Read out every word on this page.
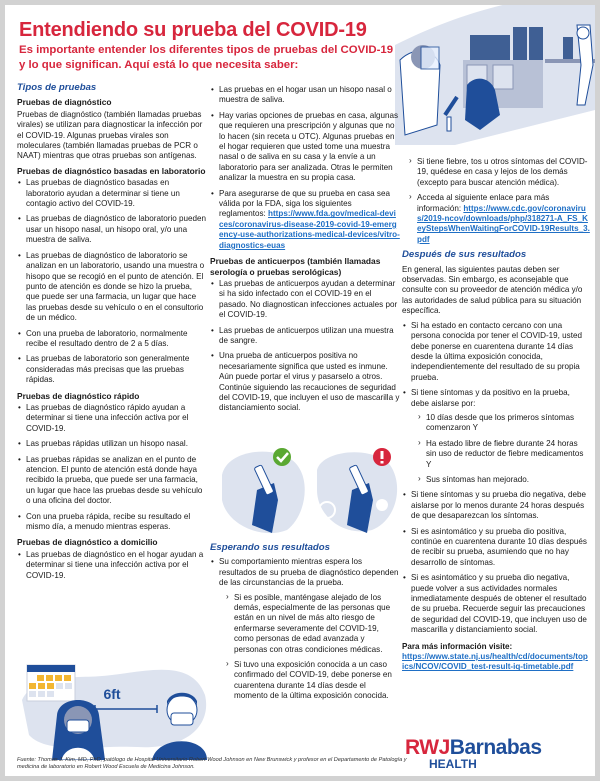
Entendiendo su prueba del COVID-19
Es importante entender los diferentes tipos de pruebas del COVID-19 y lo que significan. Aquí está lo que necesita saber:
Tipos de pruebas
Pruebas de diagnóstico

Pruebas de diagnóstico (también llamadas pruebas virales) se utilizan para diagnosticar la infección por el COVID-19. Algunas pruebas virales son moleculares (también llamadas pruebas de PCR o NAAT) mientras que otras pruebas son antígenas.

Pruebas de diagnóstico basadas en laboratorio
• Las pruebas de diagnóstico basadas en laboratorio ayudan a determinar si tiene un contagio activo del COVID-19.
• Las pruebas de diagnóstico de laboratorio pueden usar un hisopo nasal, un hisopo oral, y/o una muestra de saliva.
• Las pruebas de diagnóstico de laboratorio se analizan en un laboratorio, usando una muestra o hisopo que se recogió en el punto de atención. El punto de atención es donde se hizo la prueba, que puede ser una farmacia, un lugar que hace las pruebas desde su vehículo o en el consultorio de un médico.
• Con una prueba de laboratorio, normalmente recibe el resultado dentro de 2 a 5 días.
• Las pruebas de laboratorio son generalmente consideradas más precisas que las pruebas rápidas.
Pruebas de diagnóstico rápido
• Las pruebas de diagnóstico rápido ayudan a determinar si tiene una infección activa por el COVID-19.
• Las pruebas rápidas utilizan un hisopo nasal.
• Las pruebas rápidas se analizan en el punto de atencion. El punto de atención está donde haya recibido la prueba, que puede ser una farmacia, un lugar que hace las pruebas desde su vehículo o una oficina del doctor.
• Con una prueba rápida, recibe su resultado el mismo día, a menudo mientras esperas.
Pruebas de diagnóstico a domicilio
• Las pruebas de diagnóstico en el hogar ayudan a determinar si tiene una infección activa por el COVID-19.
6ft
• Las pruebas en el hogar usan un hisopo nasal o muestra de saliva.
• Hay varias opciones de pruebas en casa, algunas que requieren una prescripción y algunas que no lo hacen (sin receta u OTC). Algunas pruebas en el hogar requieren que usted tome una muestra nasal o de saliva en su casa y la envíe a un laboratorio para ser analizada. Otras le permiten analizar la muestra en su propia casa.
• Para asegurarse de que su prueba en casa sea válida por la FDA, siga los siguientes reglamentos: https://www.fda.gov/medical-devices/coronavirus-disease-2019-covid-19-emergency-use-authorizations-medical-devices/vitro-diagnostics-euas
Pruebas de anticuerpos (también llamadas serología o pruebas serológicas)
• Las pruebas de anticuerpos ayudan a determinar si ha sido infectado con el COVID-19 en el pasado. No diagnostican infecciones actuales por el COVID-19.
• Las pruebas de anticuerpos utilizan una muestra de sangre.
• Una prueba de anticuerpos positiva no necesariamente significa que usted es inmune. Aún puede portar el virus y pasarselo a otros. Continúe siguiendo las recauciones de seguridad del COVID-19, que incluyen el uso de mascarilla y distanciamiento social.
Esperando sus resultados
• Su comportamiento mientras espera los resultados de su prueba de diagnóstico dependen de las circunstancias de la prueba.
› Si es posible, manténgase alejado de los demás, especialmente de las personas que están en un nivel de más alto riesgo de enfermarse severamente del COVID-19, como personas de edad avanzada y personas con otras condiciones médicas.
› Si tuvo una exposición conocida a un caso confirmado del COVID-19, debe ponerse en cuarentena durante 14 días desde el momento de la última exposición conocida.
› Si tiene fiebre, tos u otros síntomas del COVID-19, quédese en casa y lejos de los demás (excepto para buscar atención médica).
› Acceda al siguiente enlace para más información: https://www.cdc.gov/coronavirus/2019-ncov/downloads/php/318271-A_FS_KeyStepsWhenWaitingForCOVID-19Results_3.pdf
Después de sus resultados

En general, las siguientes pautas deben ser observadas. Sin embargo, es aconsejable que consulte con su proveedor de atención médica y/o las autoridades de salud pública para su situación específica.

• Si ha estado en contacto cercano con una persona conocida por tener el COVID-19, usted debe ponerse en cuarentena durante 14 días desde la última exposición conocida, independientemente del resultado de su propia prueba.
• Si tiene síntomas y da positivo en la prueba, debe aislarse por:
› 10 días desde que los primeros síntomas comenzaron Y
› Ha estado libre de fiebre durante 24 horas sin uso de reductor de fiebre medicamentos Y
› Sus síntomas han mejorado.
• Si tiene síntomas y su prueba dio negativa, debe aislarse por lo menos durante 24 horas después de que desaparezcan los síntomas.
• Si es asintomático y su prueba dio positiva, continúe en cuarentena durante 10 días después de recibir su prueba, asumiendo que no hay desarrollo de síntomas.
• Si es asintomático y su prueba dio negativa, puede volver a sus actividades normales inmediatamente después de obtener el resultado de su prueba. Recuerde seguir las precauciones de seguridad del COVID-19, que incluyen uso de mascarilla y distanciamiento social.
Para más información visite:
https://www.state.nj.us/health/cd/documents/topics/NCOV/COVID_test-result-iq-timetable.pdf
Fuente: Thomas J. Kim, MD, PhD, patólogo de Hospital Universitario Robert Wood Johnson en New Brunswick y profesor en el Departamento de Patología y medicina de laboratorio en Robert Wood Escuela de Medicina Johnson.
RWJBarnabas
HEALTH
